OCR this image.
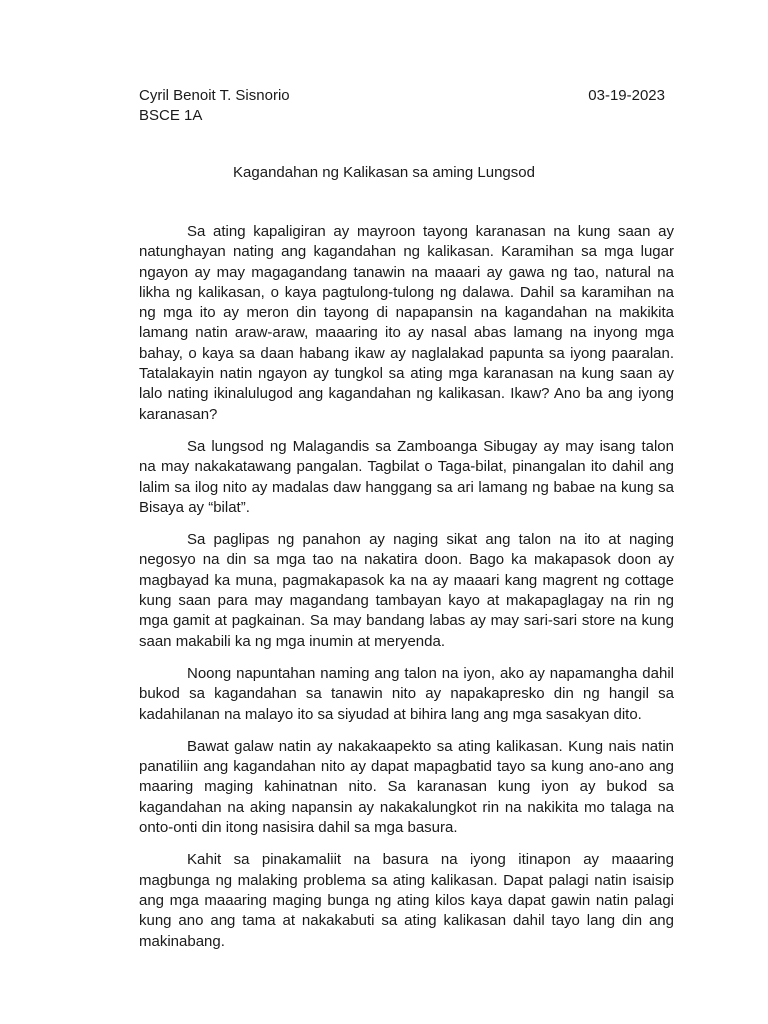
Cyril Benoit T. Sisnorio	03-19-2023
BSCE 1A
Kagandahan ng Kalikasan sa aming Lungsod

Sa ating kapaligiran ay mayroon tayong karanasan na kung saan ay natunghayan nating ang kagandahan ng kalikasan. Karamihan sa mga lugar ngayon ay may magagandang tanawin na maaari ay gawa ng tao, natural na likha ng kalikasan, o kaya pagtulong-tulong ng dalawa. Dahil sa karamihan na ng mga ito ay meron din tayong di napapansin na kagandahan na makikita lamang natin araw-araw, maaaring ito ay nasal abas lamang na inyong mga bahay, o kaya sa daan habang ikaw ay naglalakad papunta sa iyong paaralan. Tatalakayin natin ngayon ay tungkol sa ating mga karanasan na kung saan ay lalo nating ikinalulugod ang kagandahan ng kalikasan. Ikaw? Ano ba ang iyong karanasan?

Sa lungsod ng Malagandis sa Zamboanga Sibugay ay may isang talon na may nakakatawang pangalan. Tagbilat o Taga-bilat, pinangalan ito dahil ang lalim sa ilog nito ay madalas daw hanggang sa ari lamang ng babae na kung sa Bisaya ay “bilat”.

Sa paglipas ng panahon ay naging sikat ang talon na ito at naging negosyo na din sa mga tao na nakatira doon. Bago ka makapasok doon ay magbayad ka muna, pagmakapasok ka na ay maaari kang magrent ng cottage kung saan para may magandang tambayan kayo at makapaglagay na rin ng mga gamit at pagkainan. Sa may bandang labas ay may sari-sari store na kung saan makabili ka ng mga inumin at meryenda.

Noong napuntahan naming ang talon na iyon, ako ay napamangha dahil bukod sa kagandahan sa tanawin nito ay napakapresko din ng hangil sa kadahilanan na malayo ito sa siyudad at bihira lang ang mga sasakyan dito.

Bawat galaw natin ay nakakaapekto sa ating kalikasan. Kung nais natin panatiliin ang kagandahan nito ay dapat mapagbatid tayo sa kung ano-ano ang maaring maging kahinatnan nito. Sa karanasan kung iyon ay bukod sa kagandahan na aking napansin ay nakakalungkot rin na nakikita mo talaga na onto-onti din itong nasisira dahil sa mga basura.

Kahit sa pinakamaliit na basura na iyong itinapon ay maaaring magbunga ng malaking problema sa ating kalikasan. Dapat palagi natin isaisip ang mga maaaring maging bunga ng ating kilos kaya dapat gawin natin palagi kung ano ang tama at nakakabuti sa ating kalikasan dahil tayo lang din ang makinabang.
